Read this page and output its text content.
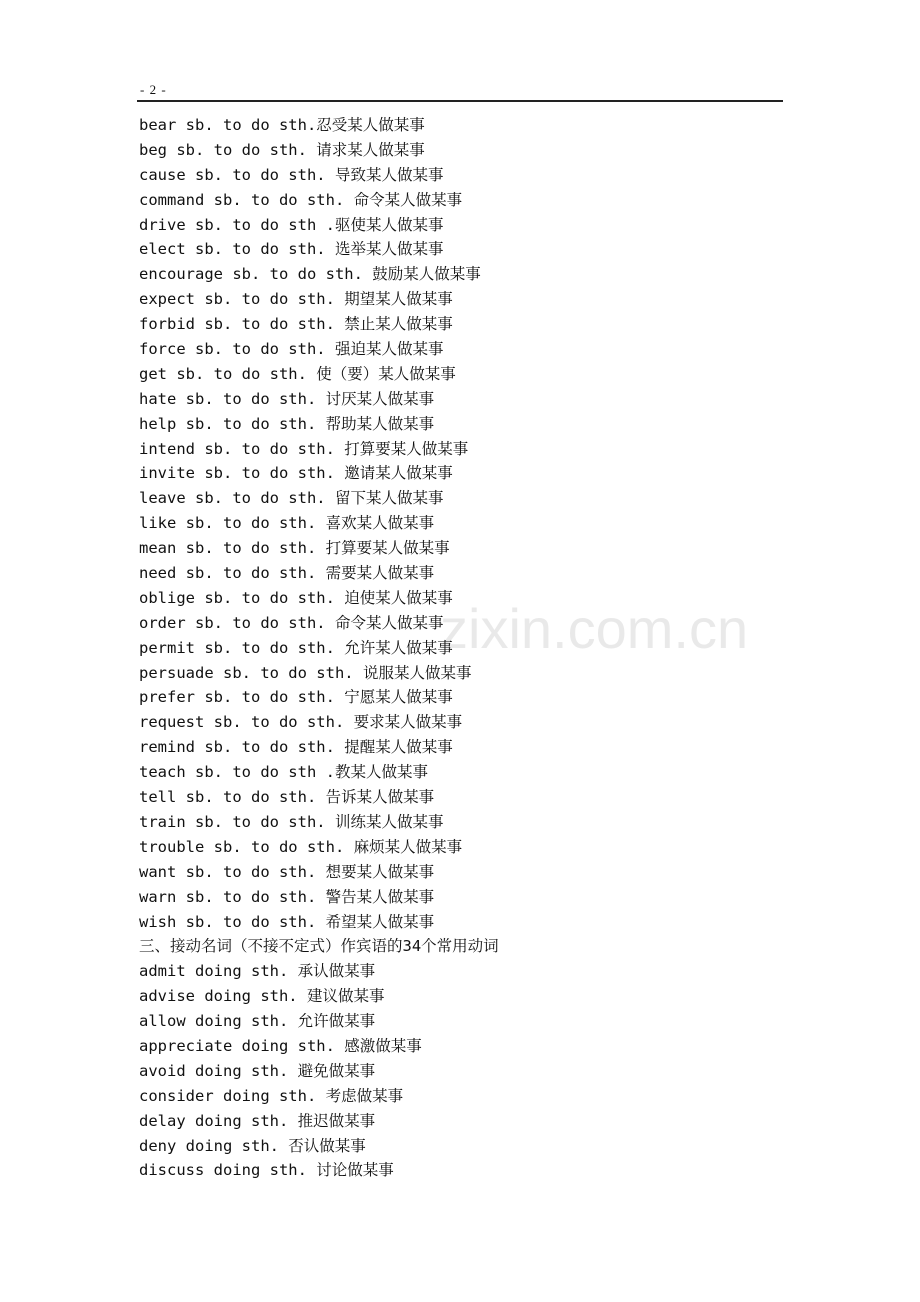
- 2 -
zixin.com.cn
bear sb. to do sth.忍受某人做某事
beg sb. to do sth. 请求某人做某事
cause sb. to do sth. 导致某人做某事
command sb. to do sth. 命令某人做某事
drive sb. to do sth .驱使某人做某事
elect sb. to do sth. 选举某人做某事
encourage sb. to do sth. 鼓励某人做某事
expect sb. to do sth. 期望某人做某事
forbid sb. to do sth. 禁止某人做某事
force sb. to do sth. 强迫某人做某事
get sb. to do sth. 使（要）某人做某事
hate sb. to do sth. 讨厌某人做某事
help sb. to do sth. 帮助某人做某事
intend sb. to do sth. 打算要某人做某事
invite sb. to do sth. 邀请某人做某事
leave sb. to do sth. 留下某人做某事
like sb. to do sth. 喜欢某人做某事
mean sb. to do sth. 打算要某人做某事
need sb. to do sth. 需要某人做某事
oblige sb. to do sth. 迫使某人做某事
order sb. to do sth. 命令某人做某事
permit sb. to do sth. 允许某人做某事
persuade sb. to do sth. 说服某人做某事
prefer sb. to do sth. 宁愿某人做某事
request sb. to do sth. 要求某人做某事
remind sb. to do sth. 提醒某人做某事
teach sb. to do sth .教某人做某事
tell sb. to do sth. 告诉某人做某事
train sb. to do sth. 训练某人做某事
trouble sb. to do sth. 麻烦某人做某事
want sb. to do sth. 想要某人做某事
warn sb. to do sth. 警告某人做某事
wish sb. to do sth. 希望某人做某事
三、接动名词（不接不定式）作宾语的34个常用动词
admit doing sth. 承认做某事
advise doing sth. 建议做某事
allow doing sth. 允许做某事
appreciate doing sth. 感激做某事
avoid doing sth. 避免做某事
consider doing sth. 考虑做某事
delay doing sth. 推迟做某事
deny doing sth. 否认做某事
discuss doing sth. 讨论做某事
